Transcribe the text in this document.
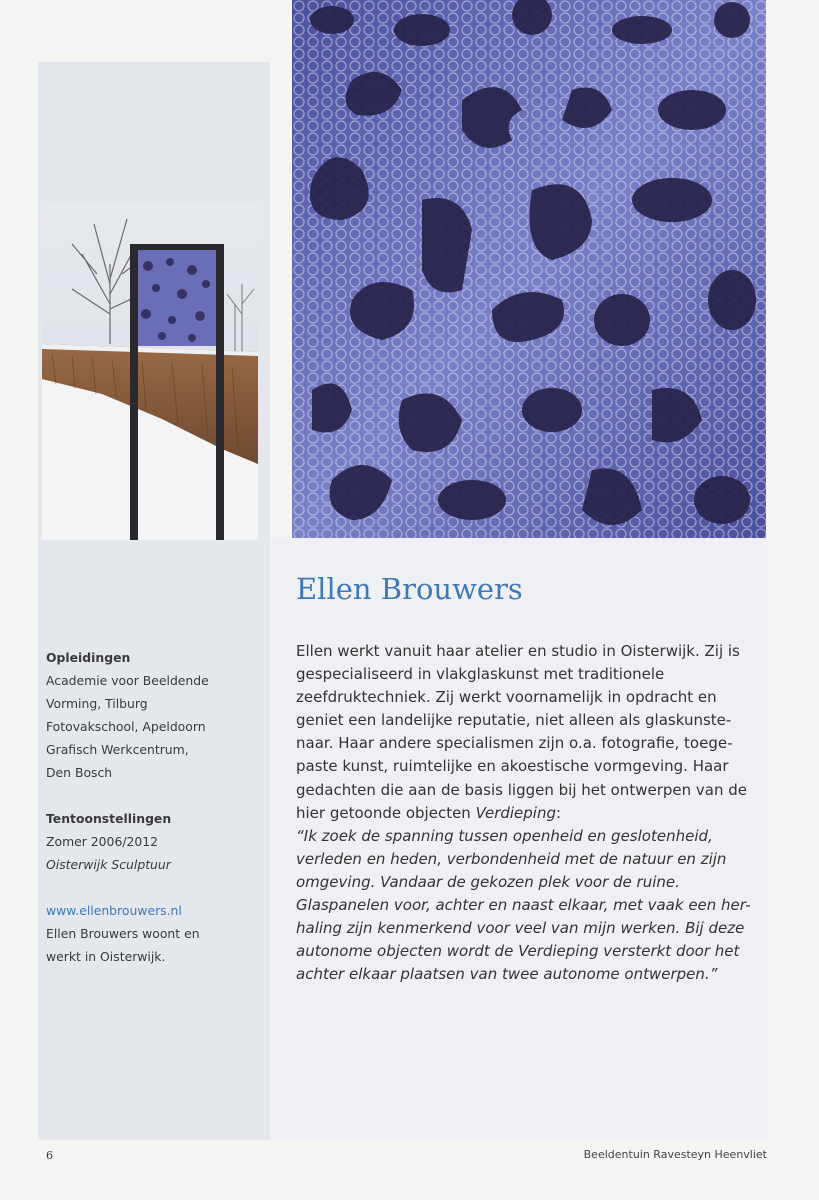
Ellen Brouwers

Ellen werkt vanuit haar atelier en studio in Oisterwijk. Zij is gespecialiseerd in vlakglaskunst met traditionele zeefdruktechniek. Zij werkt voornamelijk in opdracht en geniet een landelijke reputatie, niet alleen als glaskunste-naar. Haar andere specialismen zijn o.a. fotografie, toege-paste kunst, ruimtelijke en akoestische vormgeving. Haar gedachten die aan de basis liggen bij het ontwerpen van de hier getoonde objecten Verdieping:

“Ik zoek de spanning tussen openheid en geslotenheid, verleden en heden, verbondenheid met de natuur en zijn omgeving. Vandaar de gekozen plek voor de ruine. Glaspanelen voor, achter en naast elkaar, met vaak een her-haling zijn kenmerkend voor veel van mijn werken. Bij deze autonome objecten wordt de Verdieping versterkt door het achter elkaar plaatsen van twee autonome ontwerpen.”

Opleidingen

Academie voor Beeldende

Vorming, Tilburg

Fotovakschool, Apeldoorn

Grafisch Werkcentrum,

Den Bosch

Tentoonstellingen

Zomer 2006/2012

Oisterwijk Sculptuur

www.ellenbrouwers.nl

Ellen Brouwers woont en

werkt in Oisterwijk.

6	Beeldentuin Ravesteyn Heenvliet
